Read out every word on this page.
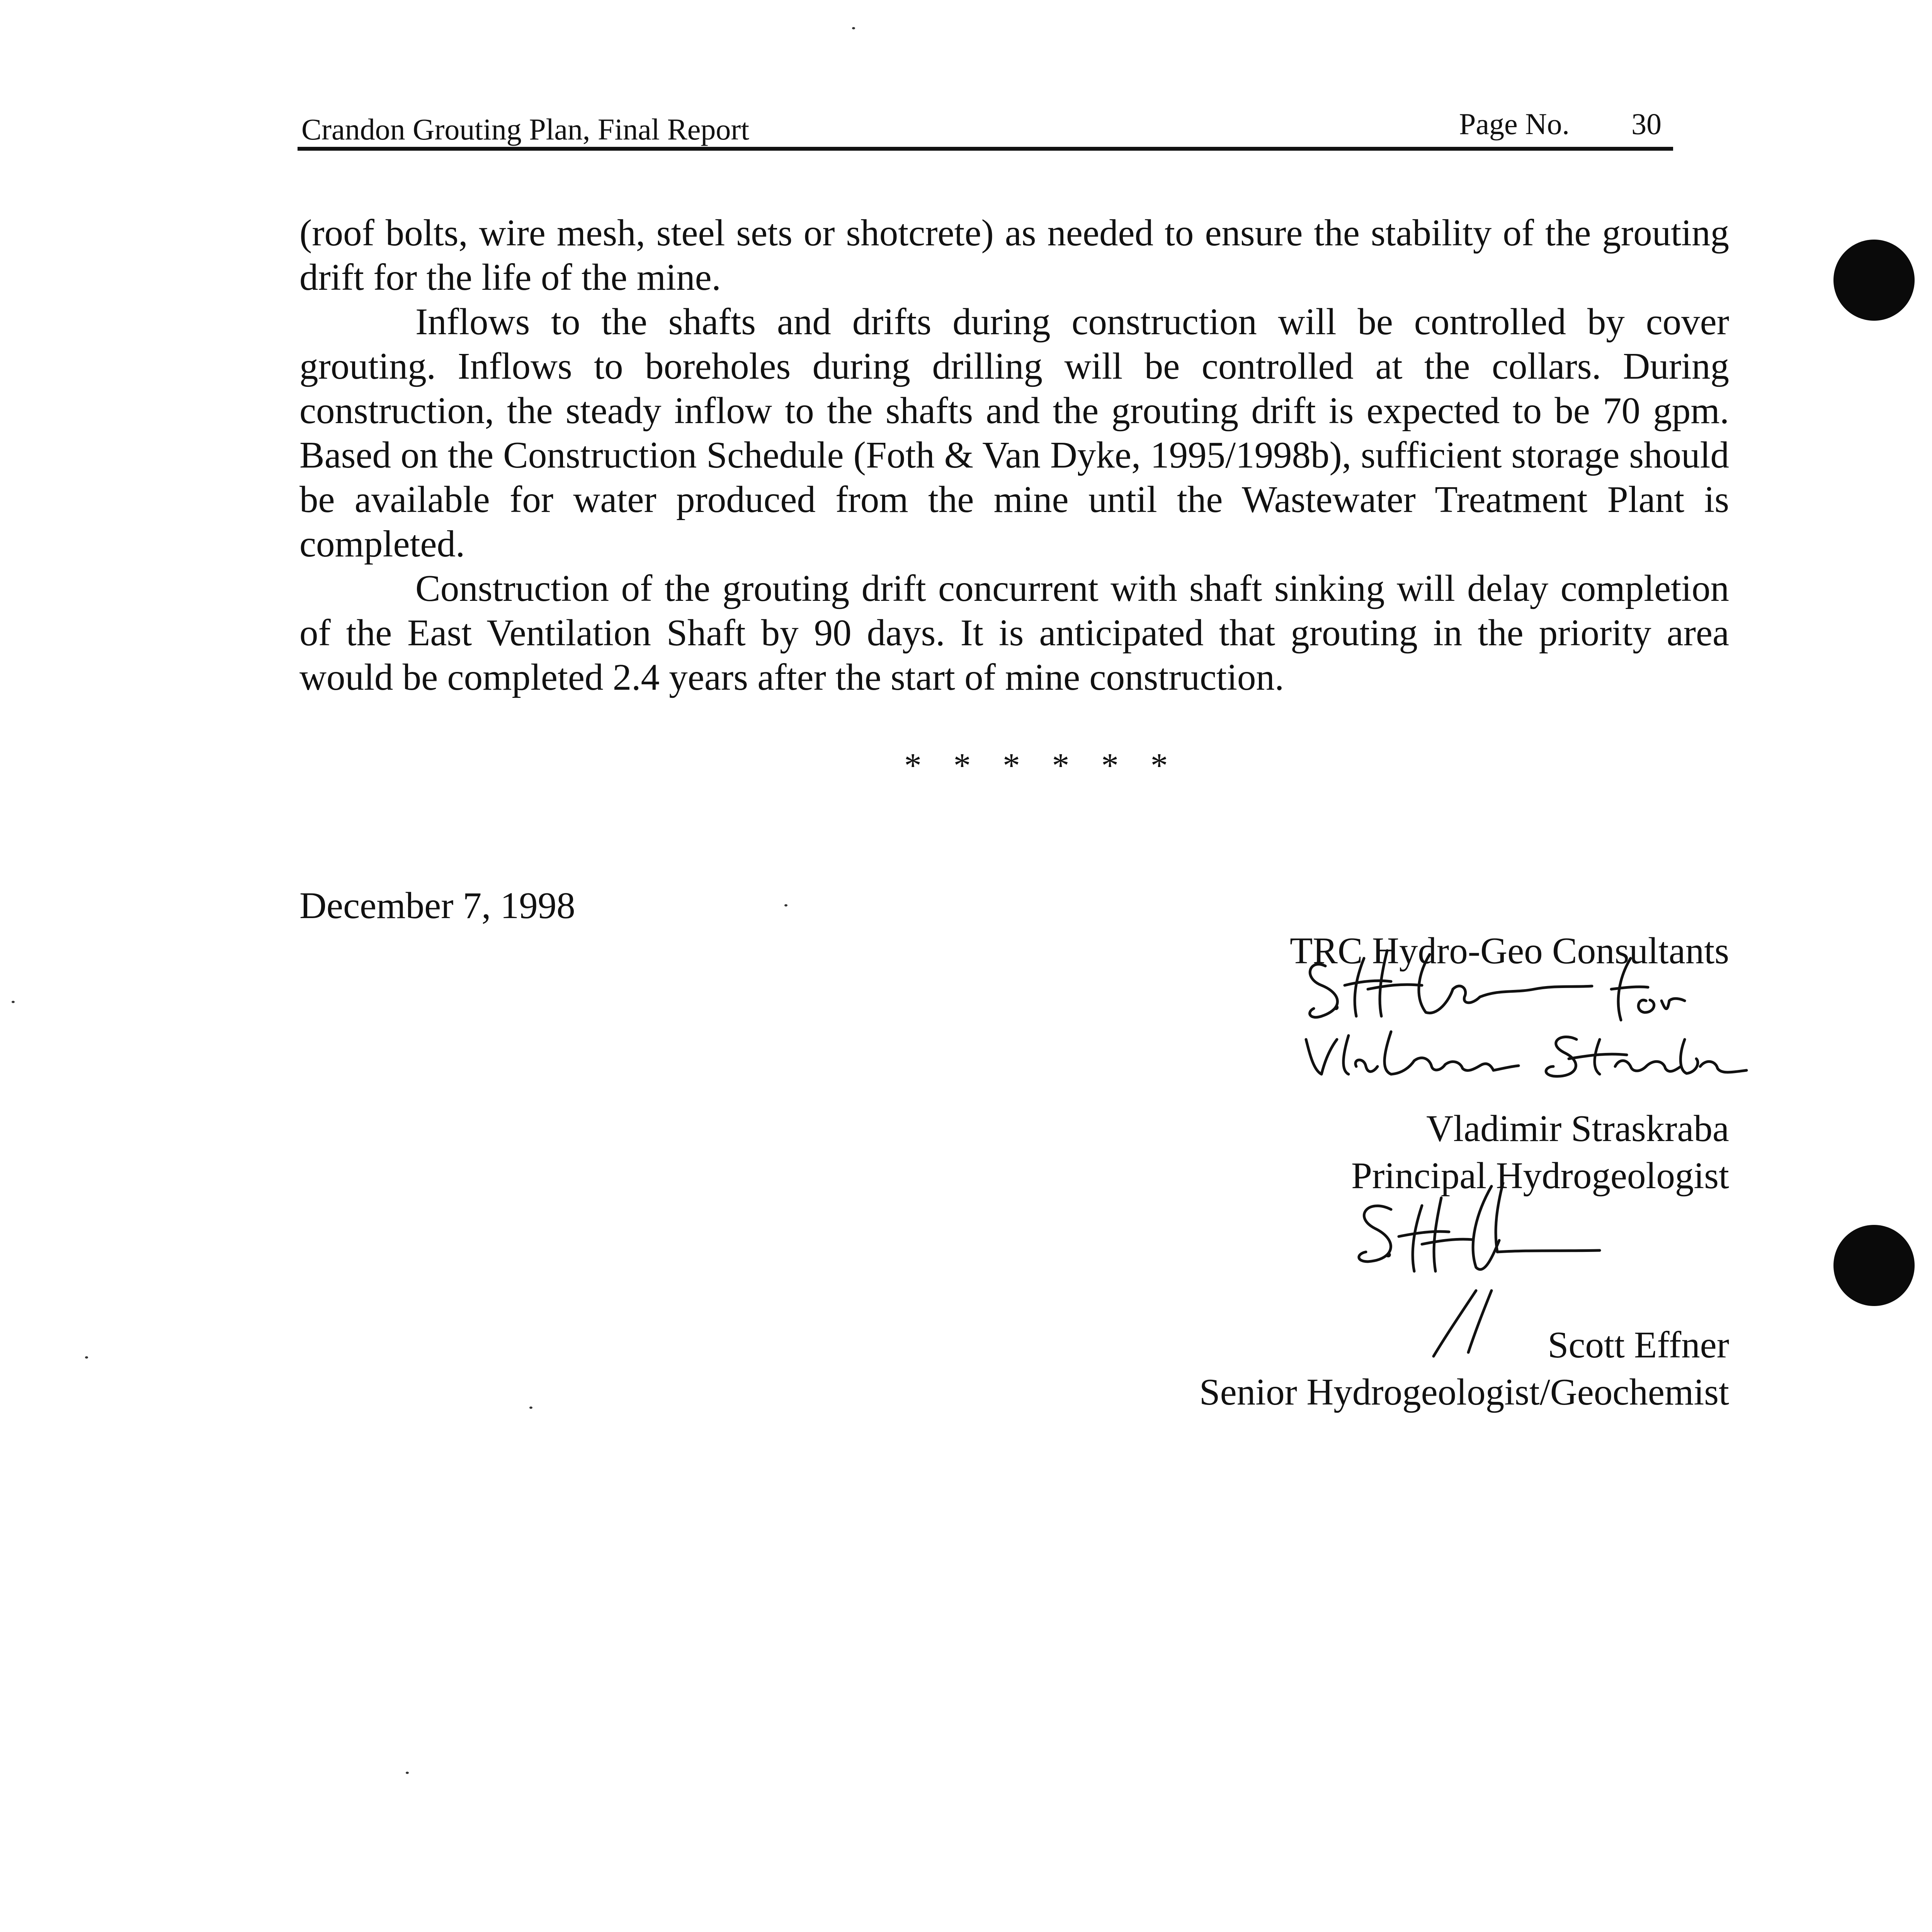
Crandon Grouting Plan, Final Report	Page No. 30

(roof bolts, wire mesh, steel sets or shotcrete) as needed to ensure the stability of the grouting drift for the life of the mine.

Inflows to the shafts and drifts during construction will be controlled by cover grouting. Inflows to boreholes during drilling will be controlled at the collars. During construction, the steady inflow to the shafts and the grouting drift is expected to be 70 gpm. Based on the Construction Schedule (Foth & Van Dyke, 1995/1998b), sufficient storage should be available for water produced from the mine until the Wastewater Treatment Plant is completed.

Construction of the grouting drift concurrent with shaft sinking will delay completion of the East Ventilation Shaft by 90 days. It is anticipated that grouting in the priority area would be completed 2.4 years after the start of mine construction.

* * * * * *
December 7, 1998
TRC Hydro-Geo Consultants
Vladimir Straskraba
Principal Hydrogeologist
Scott Effner
Senior Hydrogeologist/Geochemist
